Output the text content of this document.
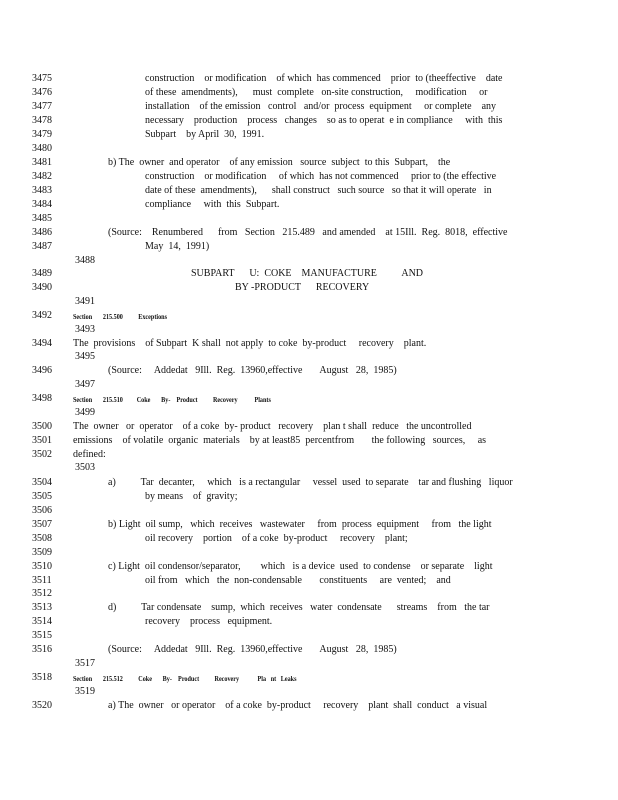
3475	construction    or modification    of which  has commenced    prior  to (theeffective    date
3476	of these  amendments),      must  complete   on-site construction,     modification     or
3477	installation    of the emission   control   and/or  process  equipment     or complete    any
3478	necessary    production    process   changes    so as to operat  e in compliance     with  this
3479	Subpart    by April  30,  1991.
3480
3481	b) The  owner  and operator    of any emission   source  subject  to this  Subpart,    the
3482	construction    or modification     of which  has not commenced     prior to (the effective
3483	date of these  amendments),      shall construct   such source   so that it will operate   in
3484	compliance     with  this  Subpart.
3485
3486	(Source:    Renumbered      from   Section   215.489   and amended    at 15Ill.  Reg.  8018,  effective
3487	May  14,  1991)
3488
3489	SUBPART      U:  COKE    MANUFACTURE          AND
3490	BY -PRODUCT      RECOVERY
3491
3492	Section       215.500          Exceptions
3493
3494 The  provisions    of Subpart  K shall  not apply  to coke  by-product     recovery    plant.
3495
3496	(Source:     Addedat   9Ill.  Reg.  13960,effective       August   28,  1985)
3497
3498	Section       215.510         Coke       By-    Product          Recovery           Plants
3499
3500 The  owner   or  operator    of a coke  by- product   recovery    plan t shall  reduce   the uncontrolled
3501 emissions    of volatile  organic  materials    by at least85  percentfrom       the following   sources,     as
3502 defined:
3503
3504	a)          Tar  decanter,     which   is a rectangular     vessel  used  to separate    tar and flushing   liquor
3505	by means    of  gravity;
3506
3507	b) Light  oil sump,   which  receives   wastewater     from  process  equipment     from   the light
3508	oil recovery    portion    of a coke  by-product     recovery    plant;
3509
3510	c) Light  oil condensor/separator,        which   is a device  used  to condense    or separate    light
3511	oil from   which   the  non-condensable       constituents     are  vented;    and
3512
3513	d)          Tar condensate    sump,  which  receives   water  condensate      streams    from   the tar
3514	recovery    process   equipment.
3515
3516	(Source:     Addedat   9Ill.  Reg.  13960,effective       August   28,  1985)
3517
3518	Section       215.512          Coke       By-    Product          Recovery            Pla   nt   Leaks
3519
3520	a) The  owner   or operator    of a coke  by-product     recovery    plant  shall  conduct   a visual
